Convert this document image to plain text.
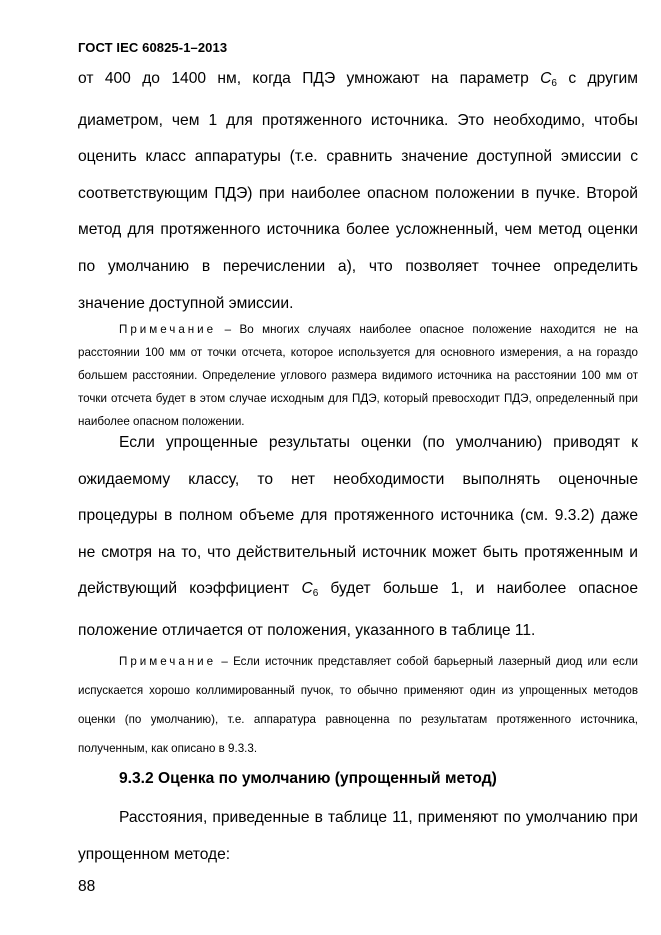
ГОСТ IEC 60825-1–2013

от 400 до 1400 нм, когда ПДЭ умножают на параметр $C_6$ с другим диаметром, чем 1 для протяженного источника. Это необходимо, чтобы оценить класс аппаратуры (т.е. сравнить значение доступной эмиссии с соответствующим ПДЭ) при наиболее опасном положении в пучке. Второй метод для протяженного источника более усложненный, чем метод оценки по умолчанию в перечислении а), что позволяет точнее определить значение доступной эмиссии.

Примечание – Во многих случаях наиболее опасное положение находится не на расстоянии 100 мм от точки отсчета, которое используется для основного измерения, а на гораздо большем расстоянии. Определение углового размера видимого источника на расстоянии 100 мм от точки отсчета будет в этом случае исходным для ПДЭ, который превосходит ПДЭ, определенный при наиболее опасном положении.

Если упрощенные результаты оценки (по умолчанию) приводят к ожидаемому классу, то нет необходимости выполнять оценочные процедуры в полном объеме для протяженного источника (см. 9.3.2) даже не смотря на то, что действительный источник может быть протяженным и действующий коэффициент $C_6$ будет больше 1, и наиболее опасное положение отличается от положения, указанного в таблице 11.

Примечание – Если источник представляет собой барьерный лазерный диод или если испускается хорошо коллимированный пучок, то обычно применяют один из упрощенных методов оценки (по умолчанию), т.е. аппаратура равноценна по результатам протяженного источника, полученным, как описано в 9.3.3.

9.3.2 Оценка по умолчанию (упрощенный метод)

Расстояния, приведенные в таблице 11, применяют по умолчанию при упрощенном методе:

88
